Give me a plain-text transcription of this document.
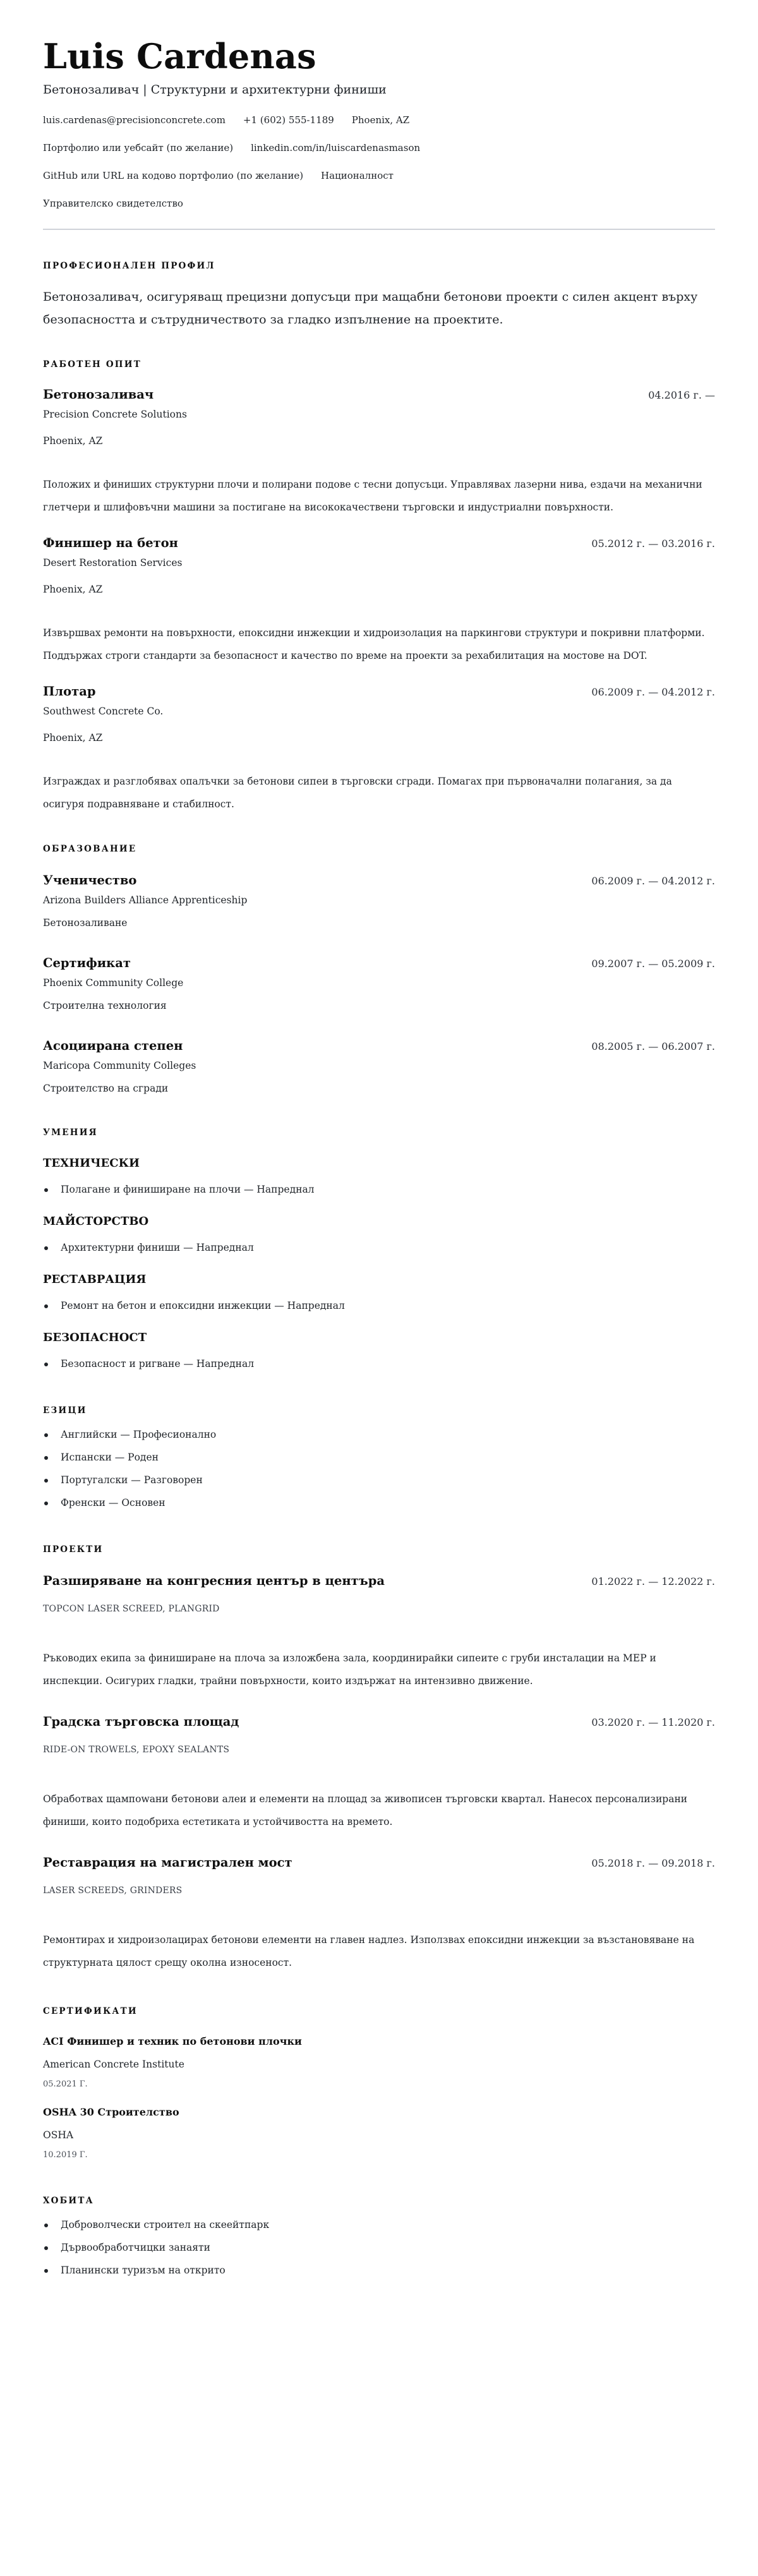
Luis Cardenas
Бетонозаливач | Структурни и архитектурни финиши
luis.cardenas@precisionconcrete.com +1 (602) 555-1189 Phoenix, AZ
Портфолио или уебсайт (по желание) linkedin.com/in/luiscardenasmason
GitHub или URL на кодово портфолио (по желание) Националност
Управителско свидетелство
ПРОФЕСИОНАЛЕН ПРОФИЛ

Бетонозаливач, осигуряващ прецизни допусъци при мащабни бетонови проекти с силен акцент върху безопасността и сътрудничеството за гладко изпълнение на проектите.

РАБОТЕН ОПИТ
Бетонозаливач	04.2016 г. —
Precision Concrete Solutions
Phoenix, AZ

Положих и финиших структурни плочи и полирани подове с тесни допусъци. Управлявах лазерни нива, ездачи на механични глетчери и шлифовъчни машини за постигане на висококачествени търговски и индустриални повърхности.

Финишер на бетон	05.2012 г. — 03.2016 г.
Desert Restoration Services
Phoenix, AZ

Извършвах ремонти на повърхности, епоксидни инжекции и хидроизолация на паркингови структури и покривни платформи. Поддържах строги стандарти за безопасност и качество по време на проекти за рехабилитация на мостове на DOT.

Плотар	06.2009 г. — 04.2012 г.
Southwest Concrete Co.
Phoenix, AZ

Изграждах и разглобявах опалъчки за бетонови сипеи в търговски сгради. Помагах при първоначални полагания, за да осигуря подравняване и стабилност.

ОБРАЗОВАНИЕ
Ученичество	06.2009 г. — 04.2012 г.
Arizona Builders Alliance Apprenticeship
Бетонозаливане
Сертификат	09.2007 г. — 05.2009 г.
Phoenix Community College
Строителна технология
Асоциирана степен	08.2005 г. — 06.2007 г.
Maricopa Community Colleges
Строителство на сгради
УМЕНИЯ
ТЕХНИЧЕСКИ
Полагане и финиширане на плочи — Напреднал
МАЙСТОРСТВО
Архитектурни финиши — Напреднал
РЕСТАВРАЦИЯ
Ремонт на бетон и епоксидни инжекции — Напреднал
БЕЗОПАСНОСТ
Безопасност и ригване — Напреднал
ЕЗИЦИ
Английски — Професионално
Испански — Роден
Португалски — Разговорен
Френски — Основен
ПРОЕКТИ
Разширяване на конгресния център в центъра	01.2022 г. — 12.2022 г.
TOPCON LASER SCREED, PLANGRID

Ръководих екипа за финиширане на плоча за изложбена зала, координирайки сипеите с груби инсталации на MEP и инспекции. Осигурих гладки, трайни повърхности, които издържат на интензивно движение.

Градска търговска площад	03.2020 г. — 11.2020 г.
RIDE-ON TROWELS, EPOXY SEALANTS

Обработвах щампowани бетонови алеи и елементи на площад за живописен търговски квартал. Нанесох персонализирани финиши, които подобриха естетиката и устойчивостта на времето.

Реставрация на магистрален мост	05.2018 г. — 09.2018 г.
LASER SCREEDS, GRINDERS

Ремонтирах и хидроизолацирах бетонови елементи на главен надлез. Използвах епоксидни инжекции за възстановяване на структурната цялост срещу околна износеност.

СЕРТИФИКАТИ
ACI Финишер и техник по бетонови плочки
American Concrete Institute
05.2021 Г.
OSHA 30 Строителство
OSHA
10.2019 Г.
ХОБИТА
Доброволчески строител на скеейтпарк
Дървообработчицки занаяти
Планински туризъм на открито
